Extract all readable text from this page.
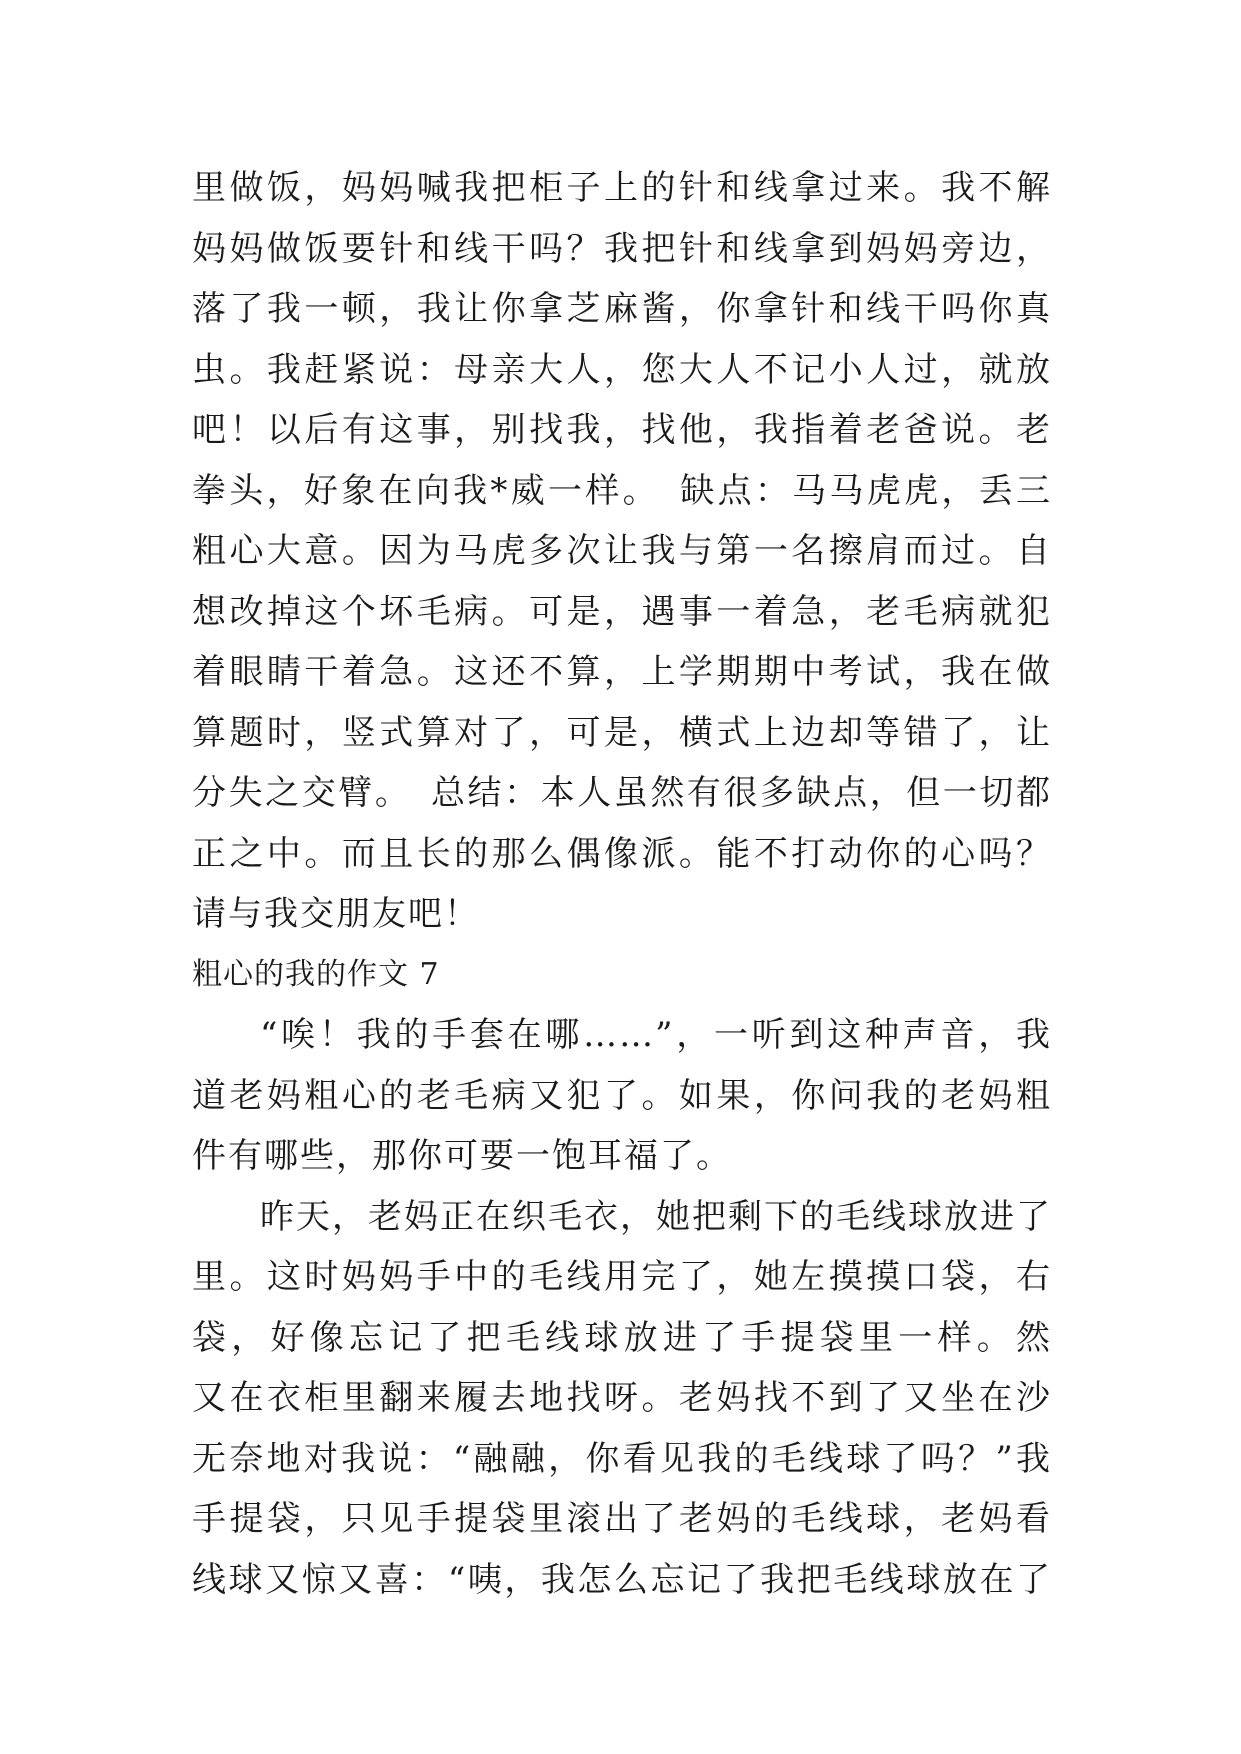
里做饭，妈妈喊我把柜子上的针和线拿过来。我不解
妈妈做饭要针和线干吗？我把针和线拿到妈妈旁边，
落了我一顿，我让你拿芝麻酱，你拿针和线干吗你真
虫。我赶紧说：母亲大人，您大人不记小人过，就放
吧！以后有这事，别找我，找他，我指着老爸说。老
拳头，好象在向我*威一样。　缺点：马马虎虎，丢三
粗心大意。因为马虎多次让我与第一名擦肩而过。自
想改掉这个坏毛病。可是，遇事一着急，老毛病就犯
着眼睛干着急。这还不算，上学期期中考试，我在做
算题时，竖式算对了，可是，横式上边却等错了，让
分失之交臂。　总结：本人虽然有很多缺点，但一切都
正之中。而且长的那么偶像派。能不打动你的心吗？
请与我交朋友吧！
粗心的我的作文 7
“唉！我的手套在哪……”，一听到这种声音，我
道老妈粗心的老毛病又犯了。如果，你问我的老妈粗
件有哪些，那你可要一饱耳福了。
昨天，老妈正在织毛衣，她把剩下的毛线球放进了
里。这时妈妈手中的毛线用完了，她左摸摸口袋，右
袋，好像忘记了把毛线球放进了手提袋里一样。然
又在衣柜里翻来履去地找呀。老妈找不到了又坐在沙
无奈地对我说：“融融，你看见我的毛线球了吗？”我
手提袋，只见手提袋里滚出了老妈的毛线球，老妈看
线球又惊又喜：“咦，我怎么忘记了我把毛线球放在了
